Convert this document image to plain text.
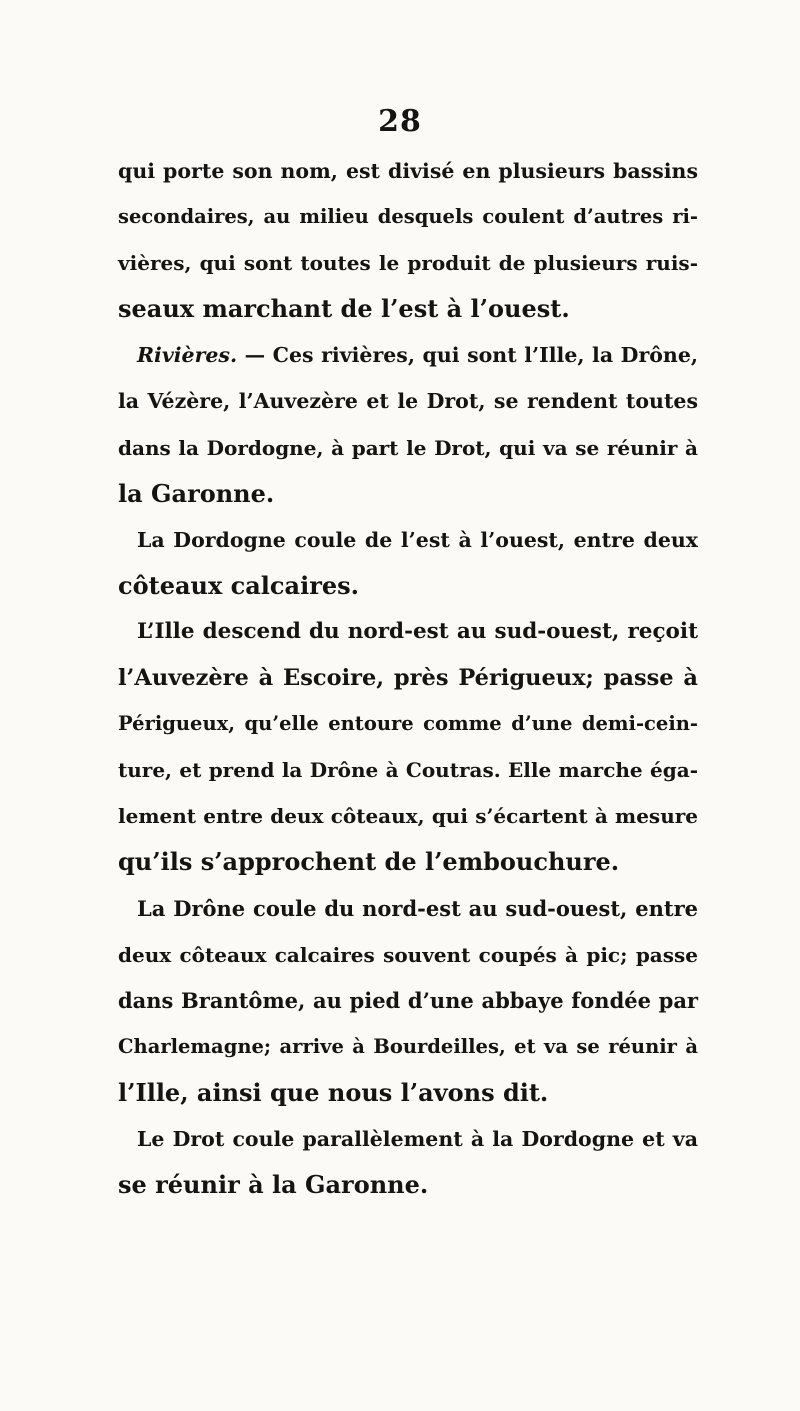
28
qui porte son nom, est divisé en plusieurs bassins
secondaires, au milieu desquels coulent d’autres ri-
vières, qui sont toutes le produit de plusieurs ruis-
seaux marchant de l’est à l’ouest.
Rivières. — Ces rivières, qui sont l’Ille, la Drône,
la Vézère, l’Auvezère et le Drot, se rendent toutes
dans la Dordogne, à part le Drot, qui va se réunir à
la Garonne.
La Dordogne coule de l’est à l’ouest, entre deux
côteaux calcaires.
L’Ille descend du nord-est au sud-ouest, reçoit
l’Auvezère à Escoire, près Périgueux; passe à
Périgueux, qu’elle entoure comme d’une demi-cein-
ture, et prend la Drône à Coutras. Elle marche éga-
lement entre deux côteaux, qui s’écartent à mesure
qu’ils s’approchent de l’embouchure.
La Drône coule du nord-est au sud-ouest, entre
deux côteaux calcaires souvent coupés à pic; passe
dans Brantôme, au pied d’une abbaye fondée par
Charlemagne; arrive à Bourdeilles, et va se réunir à
l’Ille, ainsi que nous l’avons dit.
Le Drot coule parallèlement à la Dordogne et va
se réunir à la Garonne.
